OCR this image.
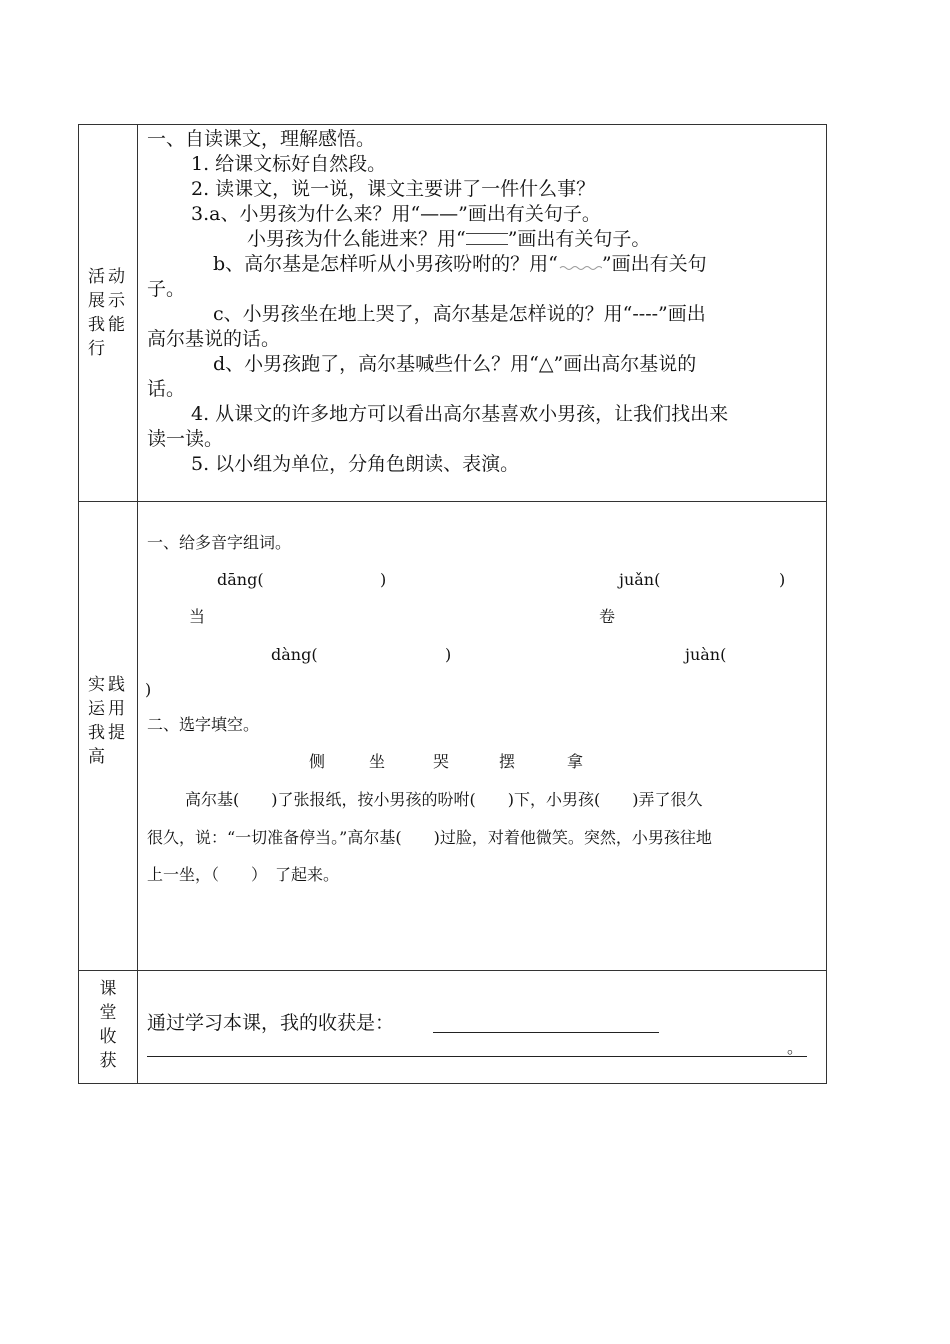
活动
展示
我能
行
一、自读课文，理解感悟。
1. 给课文标好自然段。
2. 读课文，说一说，课文主要讲了一件什么事？
3.a、小男孩为什么来？用“——”画出有关句子。
小男孩为什么能进来？用“ ”画出有关句子。
b、高尔基是怎样听从小男孩吩咐的？用“ ”画出有关句
子。
c、小男孩坐在地上哭了，高尔基是怎样说的？用“----”画出
高尔基说的话。
d、小男孩跑了，高尔基喊些什么？用“△”画出高尔基说的
话。
4. 从课文的许多地方可以看出高尔基喜欢小男孩，让我们找出来
读一读。
5. 以小组为单位，分角色朗读、表演。
实践
运用
我提
高
一、给多音字组词。
dāng(	)	juǎn(	)
当	卷
dàng(	)	juàn(
)
二、选字填空。
侧	坐	哭	摆	拿
高尔基(　　)了张报纸，按小男孩的吩咐(　　)下，小男孩(　　)弄了很久
很久，说：“一切准备停当。”高尔基(　　)过脸，对着他微笑。突然，小男孩往地
上一坐，（　　）　了起来。
课
堂
收
获
通过学习本课，我的收获是：
。
